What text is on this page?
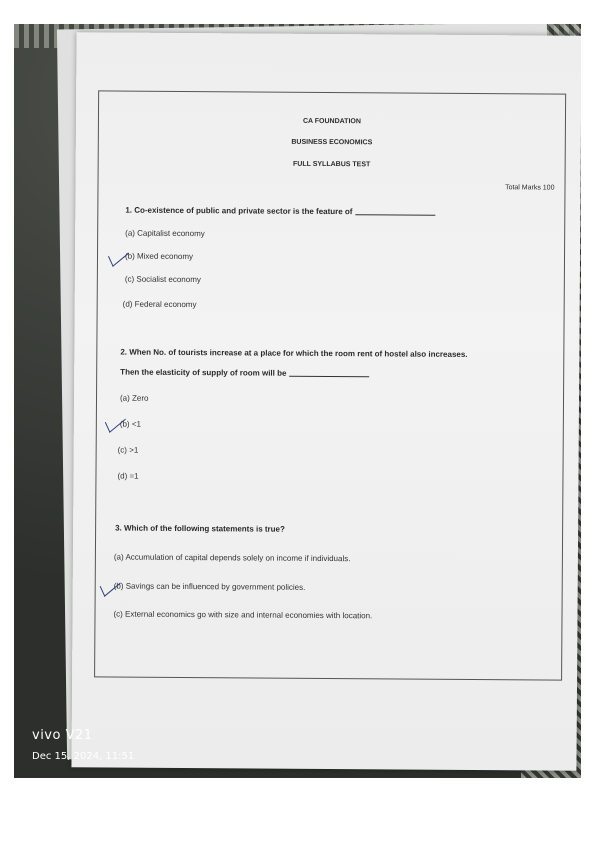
CA FOUNDATION
BUSINESS ECONOMICS
FULL SYLLABUS TEST
Total Marks 100
1. Co-existence of public and private sector is the feature of
(a) Capitalist economy
(b) Mixed economy
(c) Socialist economy
(d) Federal economy
2. When No. of tourists increase at a place for which the room rent of hostel also increases.
Then the elasticity of supply of room will be
(a) Zero
(b) <1
(c) >1
(d) =1
3. Which of the following statements is true?
(a) Accumulation of capital depends solely on income if individuals.
(b) Savings can be influenced by government policies.
(c) External economics go with size and internal economies with location.
vivo V21
Dec 15, 2024, 11:51
